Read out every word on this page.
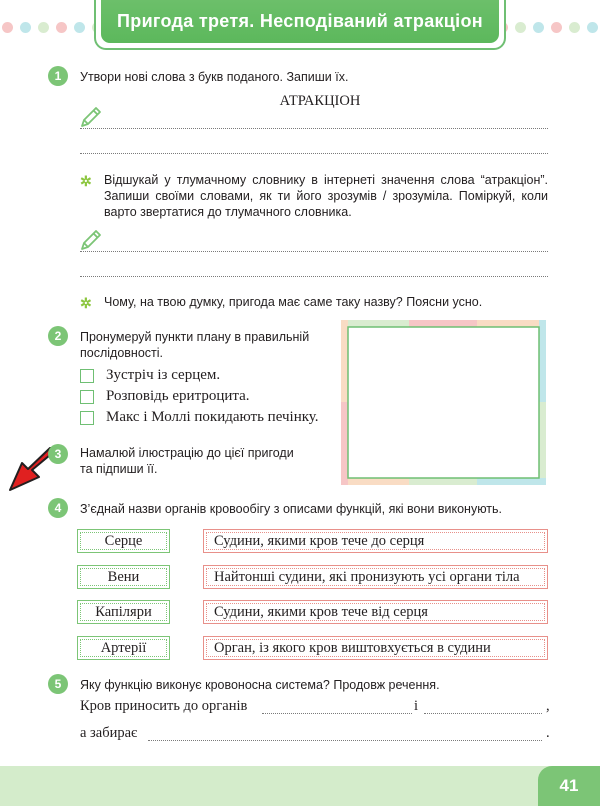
Пригода третя. Несподіваний атракціон
1	Утвори нові слова з букв поданого. Запиши їх.
АТРАКЦІОН
✲ Відшукай у тлумачному словнику в інтернеті значення слова “атракціон”. Запиши своїми словами, як ти його зрозумів / зрозуміла. Поміркуй, коли варто звертатися до тлумачного словника.
✲ Чому, на твою думку, пригода має саме таку назву? Поясни усно.
2	Пронумеруй пункти плану в правильній послідовності.
Зустріч із серцем.
Розповідь еритроцита.
Макс і Моллі покидають печінку.
3	Намалюй ілюстрацію до цієї пригоди та підпиши її.
4	З’єднай назви органів кровообігу з описами функцій, які вони виконують.
Серце
Вени
Капіляри
Артерії
Судини, якими кров тече до серця
Найтонші судини, які пронизують усі органи тіла
Судини, якими кров тече від серця
Орган, із якого кров виштовхується в судини
5	Яку функцію виконує кровоносна система? Продовж речення.
Кров приносить до органів	і	,
а забирає	.
41
